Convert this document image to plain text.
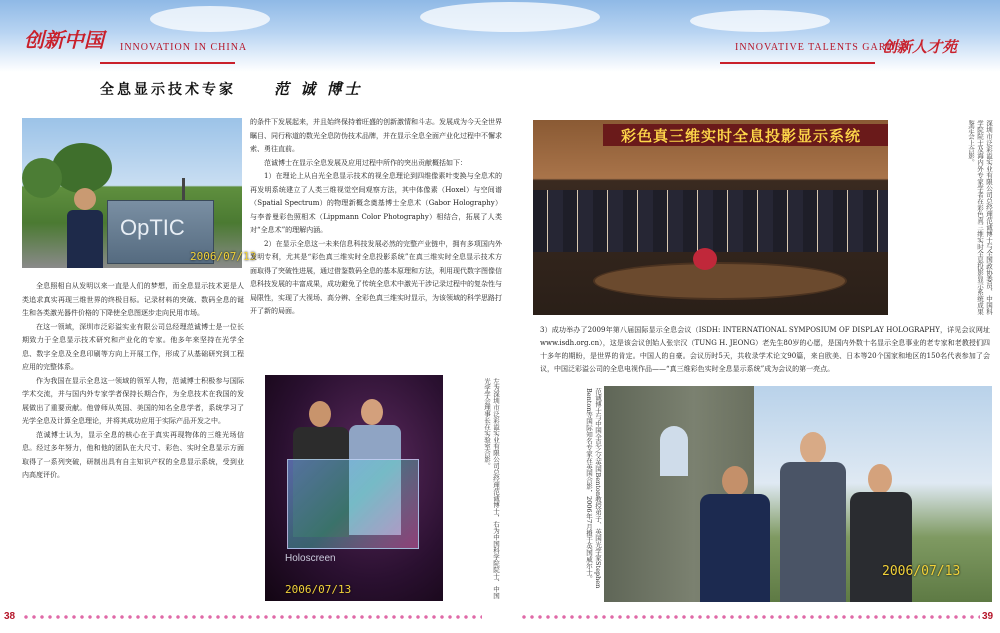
创新中国 INNOVATION IN CHINA	INNOVATIVE TALENTS GARDEN
创新人才苑
全息显示技术专家	范 诚 博士
OpTIC
2006/07/13

全息照相自从发明以来一直是人们的梦想，而全息显示技术更是人类追求真实再现三维世界的终极目标。记录材料的突破、数码全息的诞生和各类激光器件价格的下降使全息图逐步走向民用市场。

在这一领域，深圳市泛彩溢实业有限公司总经理范诚博士是一位长期致力于全息显示技术研究和产业化的专家。他多年来坚持在光学全息、数字全息及全息印刷等方向上开展工作，形成了从基础研究到工程应用的完整体系。

作为我国在显示全息这一领域的领军人物，范诚博士积极参与国际学术交流，并与国内外专家学者保持长期合作，为全息技术在我国的发展做出了重要贡献。他曾师从英国、美国的知名全息学者，系统学习了光学全息及计算全息理论，并将其成功应用于实际产品开发之中。

范诚博士认为，显示全息的核心在于真实再现物体的三维光场信息。经过多年努力，他和他的团队在大尺寸、彩色、实时全息显示方面取得了一系列突破，研制出具有自主知识产权的全息显示系统，受到业内高度评价。

的条件下发展起来，并且始终保持着旺盛的创新激情和斗志。发展成为今天全世界瞩目、同行称道的数光全息防伪技术品牌，并在显示全息全面产业化过程中不懈求索、勇往直前。

范诚博士在显示全息发展及应用过程中所作的突出贡献概括如下：

1）在理论上从自光全息显示技术的视全息理论到四维像素叶变换与全息术的再发明系统建立了人类三维视觉空间观察方法，其中体像素（Hoxel）与空间谱（Spatial Spectrum）的物理新概念奠基博士全息术（Gabor Holography）与李普曼彩色照相术（Lippmann Color Photography）相结合，拓展了人类对“全息术”的理解内涵。

2）在显示全息这一未来信息科技发展必然的完整产业链中，拥有多项国内外发明专利，尤其是“彩色真三维实时全息投影系统”在真三维实时全息显示技术方面取得了突破性进展，通过借鉴数码全息的基本原理和方法，利用现代数字图像信息科技发展的丰富成果，成功避免了传统全息术中激光干涉记录过程中的复杂性与局限性，实现了大视场、高分辨、全彩色真三维实时显示，为该领域的科学思路打开了新的局面。

Holoscreen
2006/07/13	左为深圳市泛彩溢实业有限公司总经理范诚博士，右为中国科学院院士、中国光学学会理事长在实验室合影。
彩色真三维实时全息投影显示系统	深圳市泛彩溢实业有限公司总经理范诚博士与全国政协委员、中国科学院院士及海内外专家学者在彩色真三维实时全息投影显示系统成果鉴定会上合影。
3）成功举办了2009年第八届国际显示全息会议（ISDH: INTERNATIONAL SYMPOSIUM OF DISPLAY HOLOGRAPHY，详见会议网址 www.isdh.org.cn），这是该会议创始人张宗汉（TUNG H. JEONG）老先生80岁的心愿，是国内外数十名显示全息事业的老专家和老教授们四十多年的期盼，是世界的肯定。中国人的自豪。会议历时5天，共收录学术论文90篇，来自欧美、日本等20个国家和地区的150名代表参加了会议，中国泛彩溢公司的全息电视作品——“真三维彩色实时全息显示系统”成为会议的第一亮点。
范诚博士与中国全息之父英国Benton教授弟子、英国光学家Stephen Benton等国际知名专家在英国合影，2006年7月摄于英国威尔士。	2006/07/13
38	39
